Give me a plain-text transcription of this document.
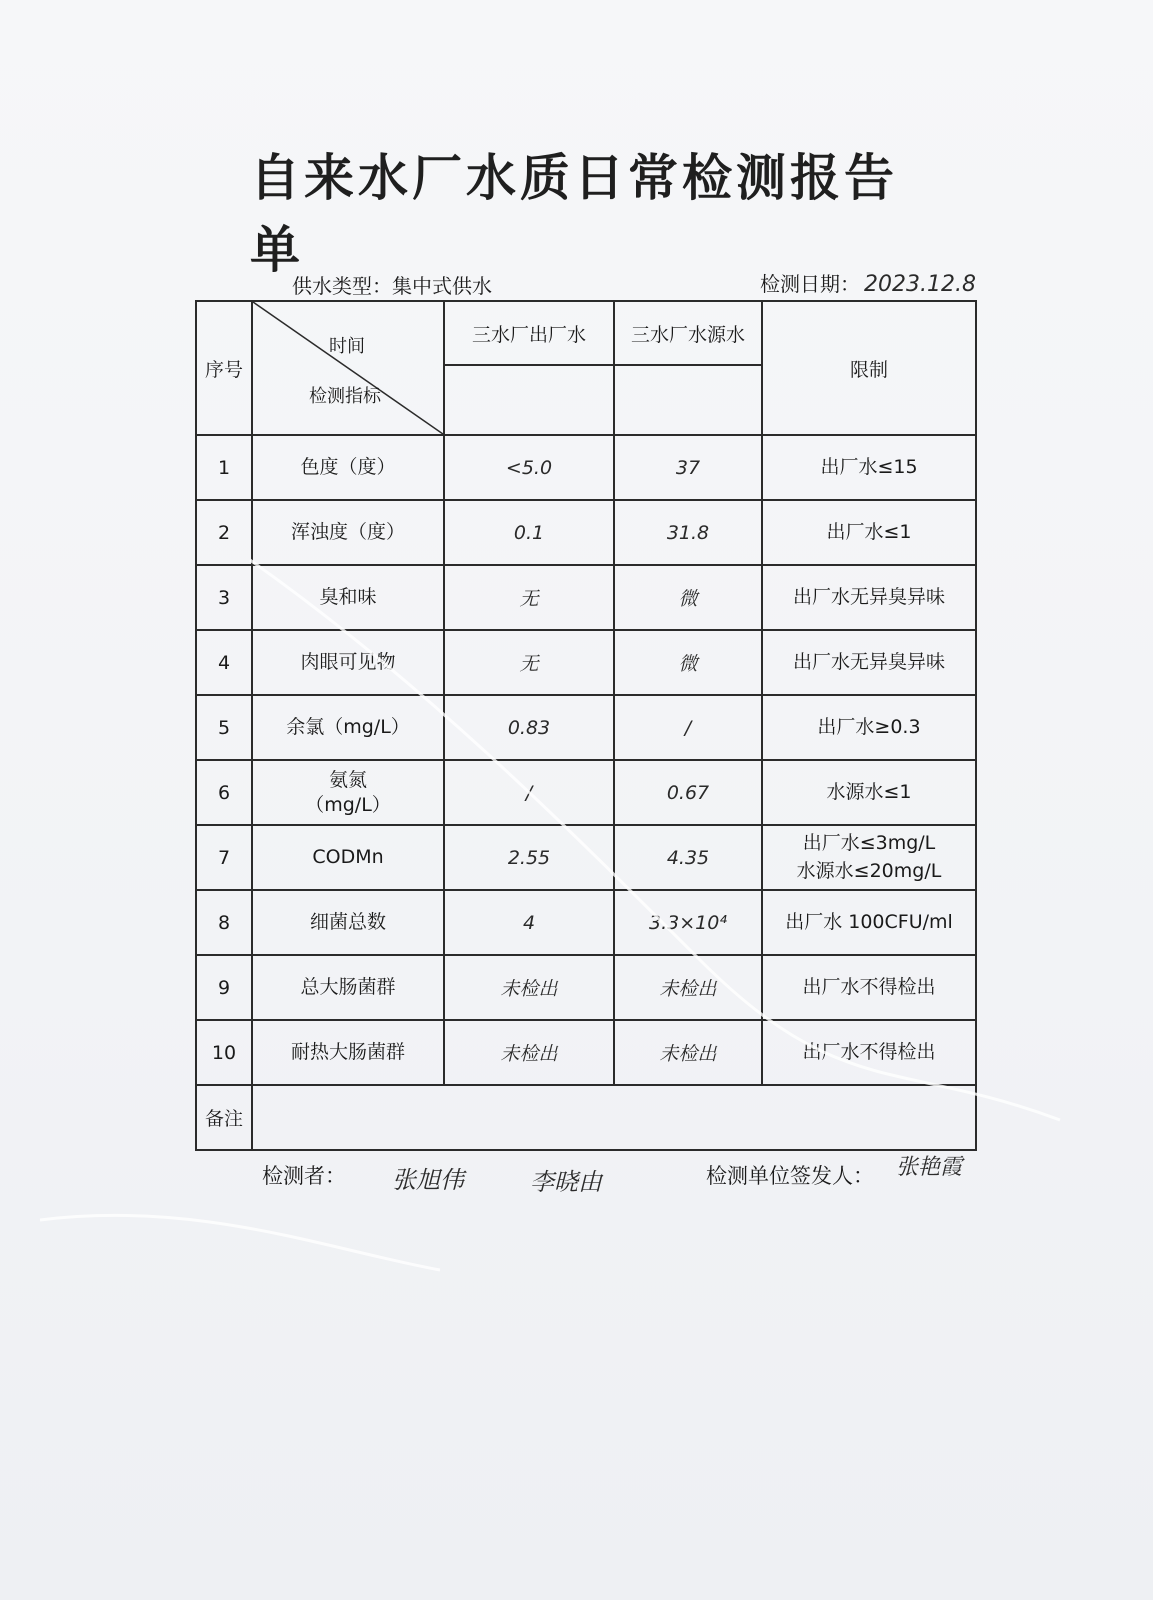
自来水厂水质日常检测报告单
供水类型：集中式供水	检测日期： 2023.12.8
序号	时间
检测指标	三水厂出厂水	三水厂水源水	限制

1	色度（度）	<5.0	37	出厂水≤15
2	浑浊度（度）	0.1	31.8	出厂水≤1
3	臭和味	无	微	出厂水无异臭异味
4	肉眼可见物	无	微	出厂水无异臭异味
5	余氯（mg/L）	0.83	/	出厂水≥0.3
6	氨氮
（mg/L）	/	0.67	水源水≤1
7	CODMn	2.55	4.35	出厂水≤3mg/L
水源水≤20mg/L
8	细菌总数	4	3.3×10⁴	出厂水 100CFU/ml
9	总大肠菌群	未检出	未检出	出厂水不得检出
10	耐热大肠菌群	未检出	未检出	出厂水不得检出
备注				
检测者： 张旭伟	李晓由	检测单位签发人： 张艳霞
